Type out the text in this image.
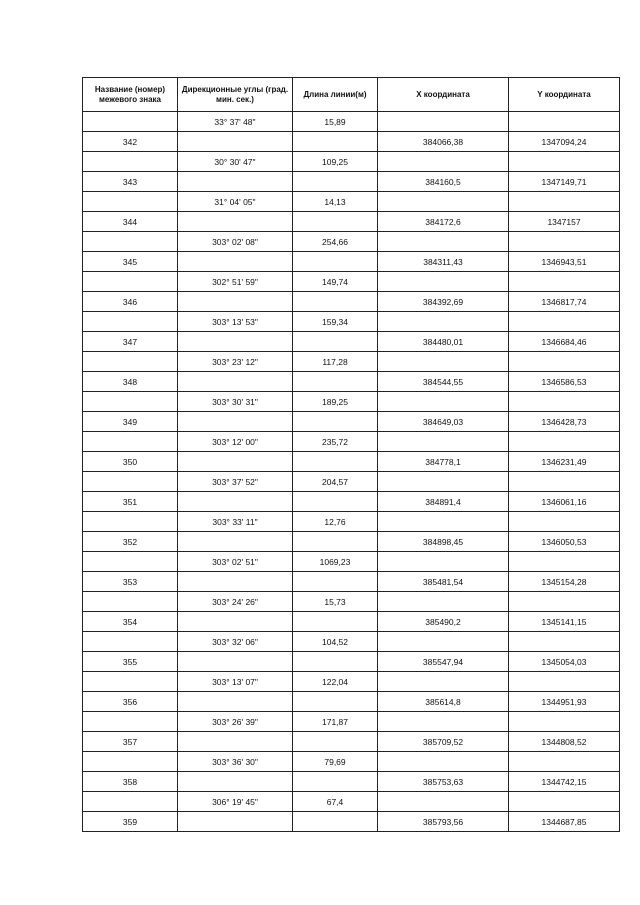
Название (номер) межевого знака	Дирекционные углы (град. мин. сек.)	Длина линии(м)	X координата	Y координата
	33° 37' 48"	15,89		
342			384066,38	1347094,24
	30° 30' 47"	109,25		
343			384160,5	1347149,71
	31° 04' 05"	14,13		
344			384172,6	1347157
	303° 02' 08"	254,66		
345			384311,43	1346943,51
	302° 51' 59"	149,74		
346			384392,69	1346817,74
	303° 13' 53"	159,34		
347			384480,01	1346684,46
	303° 23' 12"	117,28		
348			384544,55	1346586,53
	303° 30' 31"	189,25		
349			384649,03	1346428,73
	303° 12' 00"	235,72		
350			384778,1	1346231,49
	303° 37' 52"	204,57		
351			384891,4	1346061,16
	303° 33' 11"	12,76		
352			384898,45	1346050,53
	303° 02' 51"	1069,23		
353			385481,54	1345154,28
	303° 24' 26"	15,73		
354			385490,2	1345141,15
	303° 32' 06"	104,52		
355			385547,94	1345054,03
	303° 13' 07"	122,04		
356			385614,8	1344951,93
	303° 26' 39"	171,87		
357			385709,52	1344808,52
	303° 36' 30"	79,69		
358			385753,63	1344742,15
	306° 19' 45"	67,4		
359			385793,56	1344687,85
